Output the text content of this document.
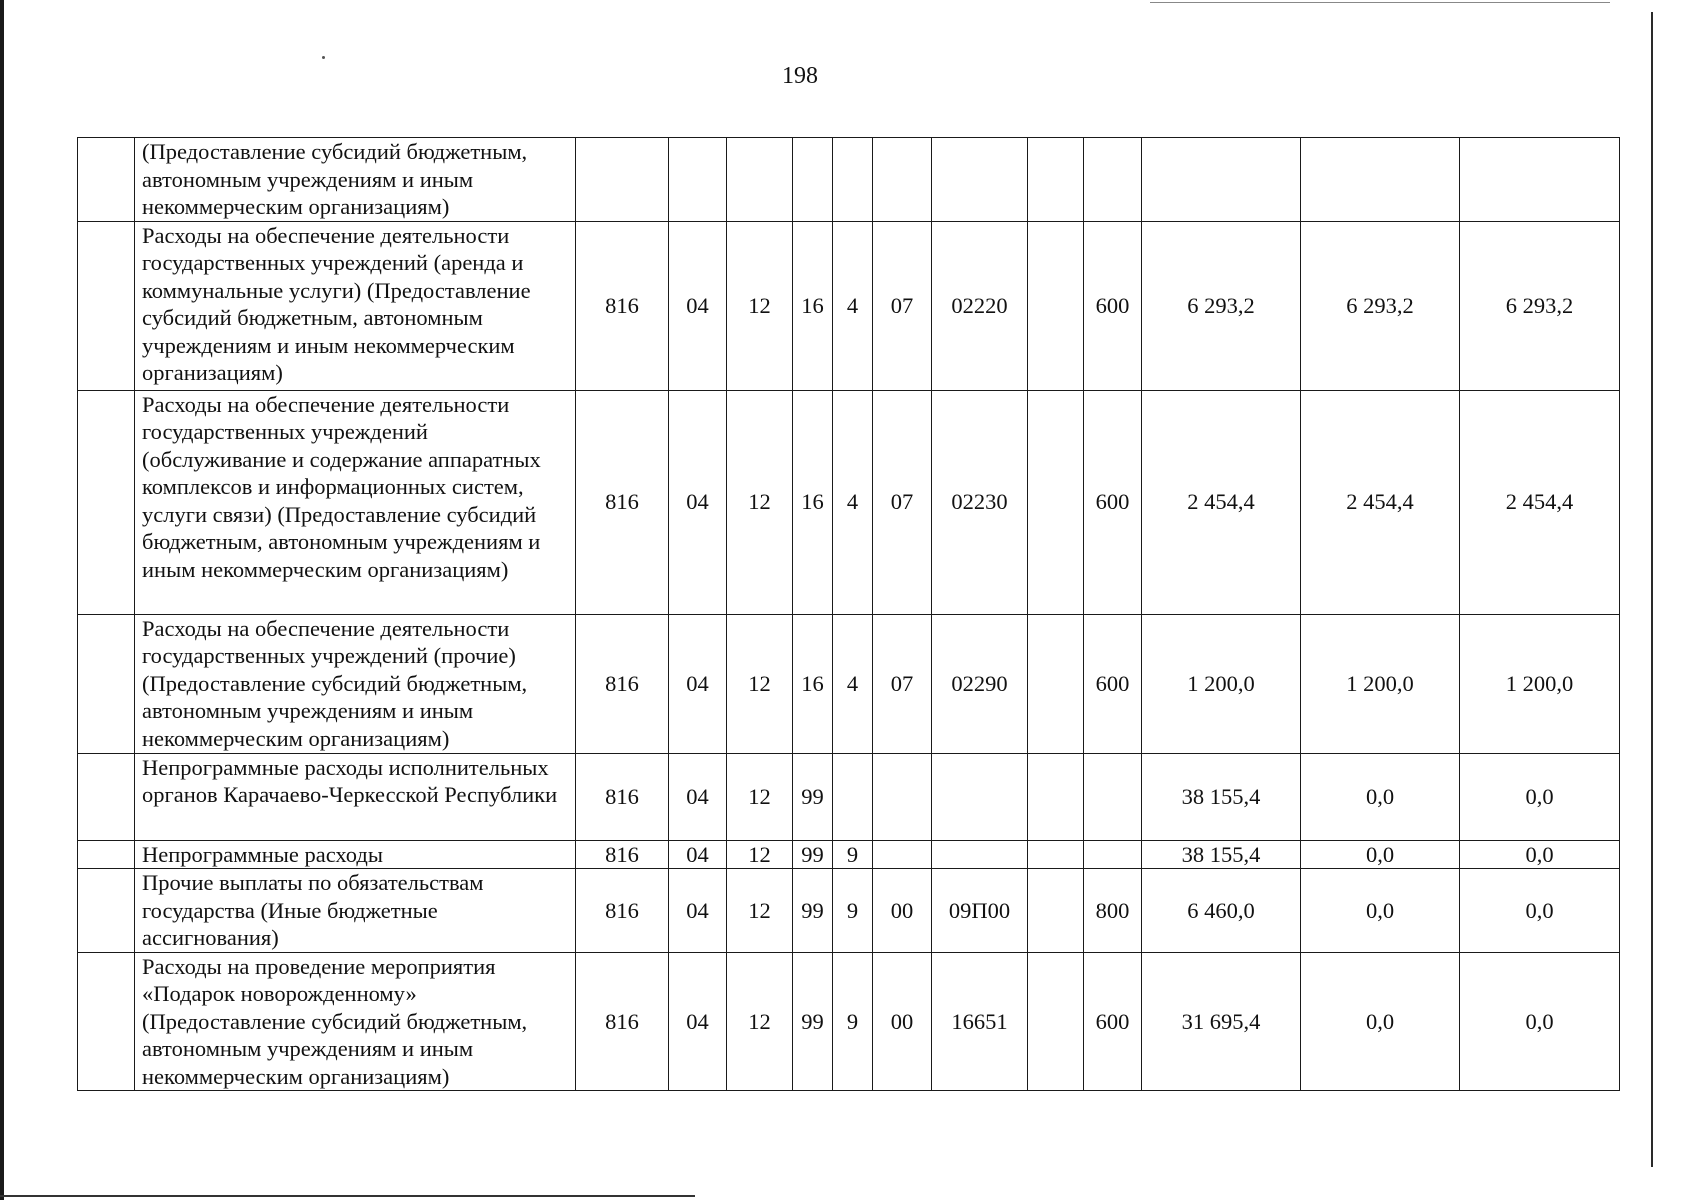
198
	(Предоставление субсидий бюджетным, автономным учреждениям и иным некоммерческим организациям)												
	Расходы на обеспечение деятельности государственных учреждений (аренда и коммунальные услуги) (Предоставление субсидий бюджетным, автономным учреждениям и иным некоммерческим организациям)	816	04	12	16	4	07	02220		600	6 293,2	6 293,2	6 293,2
	Расходы на обеспечение деятельности государственных учреждений (обслуживание и содержание аппаратных комплексов и информационных систем, услуги связи) (Предоставление субсидий бюджетным, автономным учреждениям и иным некоммерческим организациям)	816	04	12	16	4	07	02230		600	2 454,4	2 454,4	2 454,4
	Расходы на обеспечение деятельности государственных учреждений (прочие) (Предоставление субсидий бюджетным, автономным учреждениям и иным некоммерческим организациям)	816	04	12	16	4	07	02290		600	1 200,0	1 200,0	1 200,0
	Непрограммные расходы исполнительных органов Карачаево-Черкесской Республики	816	04	12	99						38 155,4	0,0	0,0
	Непрограммные расходы	816	04	12	99	9					38 155,4	0,0	0,0
	Прочие выплаты по обязательствам государства (Иные бюджетные ассигнования)	816	04	12	99	9	00	09П00		800	6 460,0	0,0	0,0
	Расходы на проведение мероприятия «Подарок новорожденному» (Предоставление субсидий бюджетным, автономным учреждениям и иным некоммерческим организациям)	816	04	12	99	9	00	16651		600	31 695,4	0,0	0,0
